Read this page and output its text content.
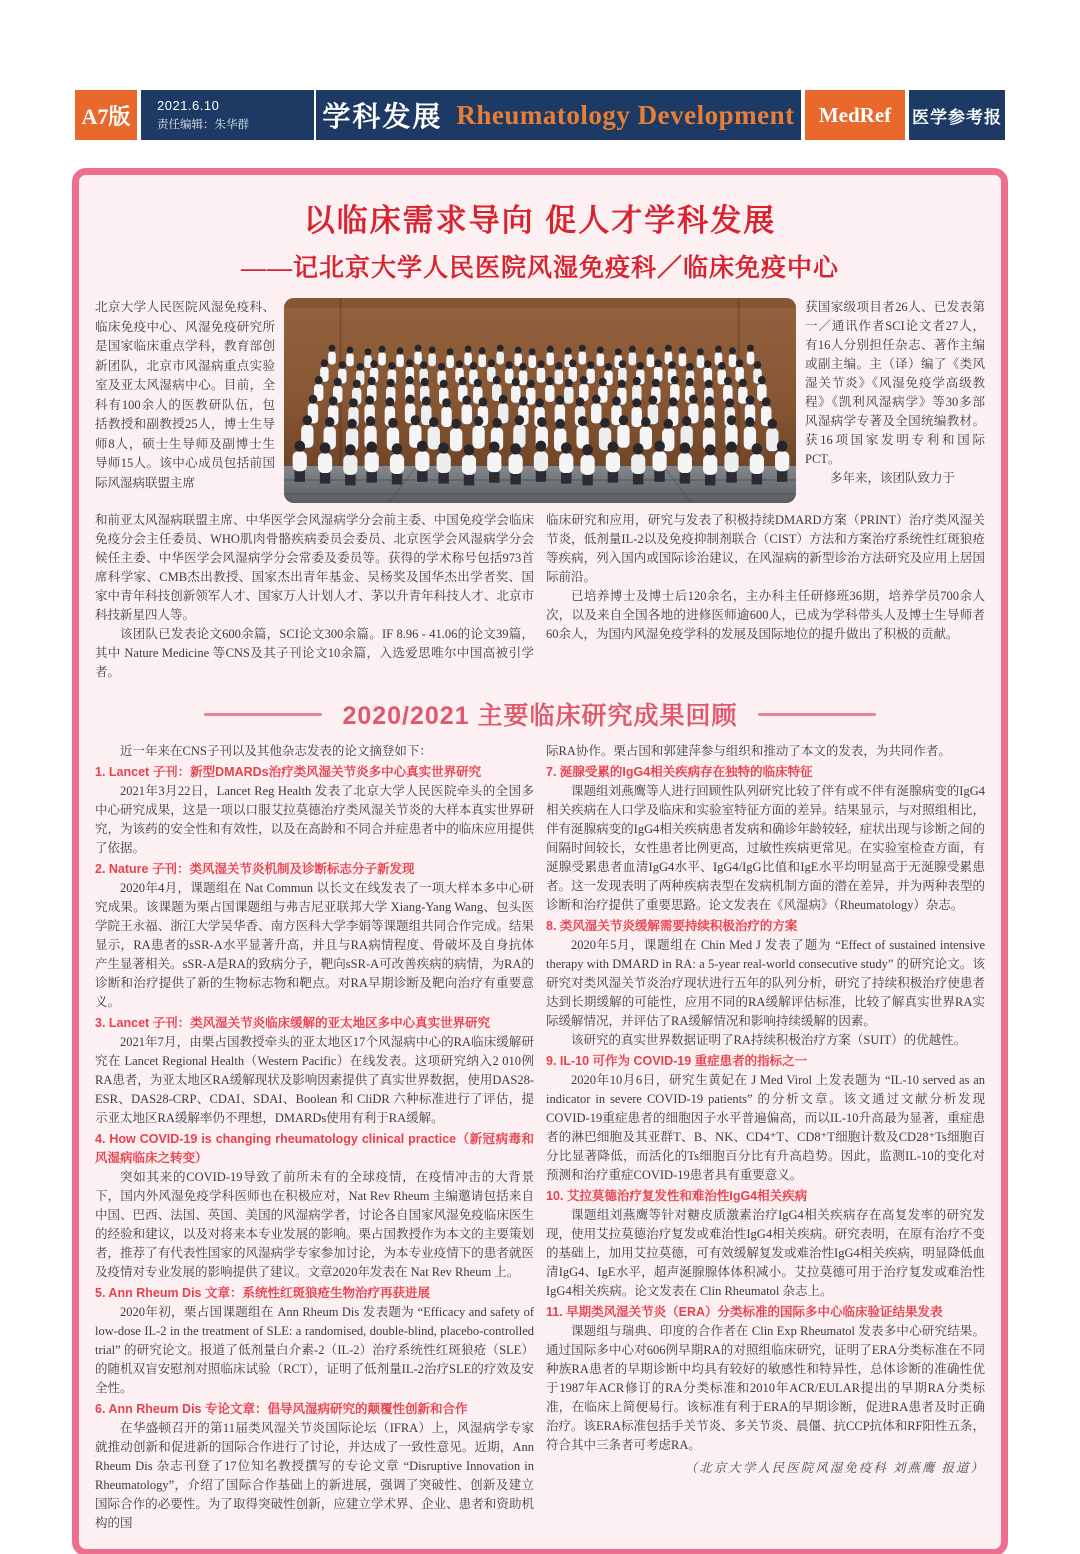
A7版	2021.6.10
责任编辑：朱华群	学科发展 Rheumatology Development	MedRef	医学参考报
以临床需求导向 促人才学科发展
——记北京大学人民医院风湿免疫科／临床免疫中心

北京大学人民医院风湿免疫科、临床免疫中心、风湿免疫研究所是国家临床重点学科，教育部创新团队，北京市风湿病重点实验室及亚太风湿病中心。目前，全科有100余人的医教研队伍，包括教授和副教授25人，博士生导师8人，硕士生导师及副博士生导师15人。该中心成员包括前国际风湿病联盟主席

获国家级项目者26人、已发表第一／通讯作者SCI论文者27人，有16人分别担任杂志、著作主编或副主编。主（译）编了《类风湿关节炎》《风湿免疫学高级教程》《凯利风湿病学》等30多部风湿病学专著及全国统编教材。获16项国家发明专利和国际PCT。

多年来，该团队致力于

和前亚太风湿病联盟主席、中华医学会风湿病学分会前主委、中国免疫学会临床免疫分会主任委员、WHO肌肉骨骼疾病委员会委员、北京医学会风湿病学分会候任主委、中华医学会风湿病学分会常委及委员等。获得的学术称号包括973首席科学家、CMB杰出教授、国家杰出青年基金、吴杨奖及国华杰出学者奖、国家中青年科技创新领军人才、国家万人计划人才、茅以升青年科技人才、北京市科技新星四人等。

该团队已发表论文600余篇，SCI论文300余篇。IF 8.96 - 41.06的论文39篇，其中 Nature Medicine 等CNS及其子刊论文10余篇，入选爱思唯尔中国高被引学者。

临床研究和应用，研究与发表了积极持续DMARD方案（PRINT）治疗类风湿关节炎，低剂量IL-2以及免疫抑制剂联合（CIST）方法和方案治疗系统性红斑狼疮等疾病，列入国内或国际诊治建议，在风湿病的新型诊治方法研究及应用上居国际前沿。

已培养博士及博士后120余名，主办科主任研修班36期，培养学员700余人次，以及来自全国各地的进修医师逾600人，已成为学科带头人及博士生导师者60余人，为国内风湿免疫学科的发展及国际地位的提升做出了积极的贡献。

2020/2021 主要临床研究成果回顾

近一年来在CNS子刊以及其他杂志发表的论文摘登如下：

1. Lancet 子刊：新型DMARDs治疗类风湿关节炎多中心真实世界研究

2021年3月22日，Lancet Reg Health 发表了北京大学人民医院牵头的全国多中心研究成果，这是一项以口服艾拉莫德治疗类风湿关节炎的大样本真实世界研究，为该药的安全性和有效性，以及在高龄和不同合并症患者中的临床应用提供了依据。

2. Nature 子刊：类风湿关节炎机制及诊断标志分子新发现

2020年4月，课题组在 Nat Commun 以长文在线发表了一项大样本多中心研究成果。该课题为栗占国课题组与弗吉尼亚联邦大学 Xiang-Yang Wang、包头医学院王永福、浙江大学吴华香、南方医科大学李娟等课题组共同合作完成。结果显示，RA患者的sSR-A水平显著升高，并且与RA病情程度、骨破坏及自身抗体产生显著相关。sSR-A是RA的致病分子，靶向sSR-A可改善疾病的病情，为RA的诊断和治疗提供了新的生物标志物和靶点。对RA早期诊断及靶向治疗有重要意义。

3. Lancet 子刊：类风湿关节炎临床缓解的亚太地区多中心真实世界研究

2021年7月，由栗占国教授牵头的亚太地区17个风湿病中心的RA临床缓解研究在 Lancet Regional Health（Western Pacific）在线发表。这项研究纳入2 010例RA患者，为亚太地区RA缓解现状及影响因素提供了真实世界数据，使用DAS28-ESR、DAS28-CRP、CDAI、SDAI、Boolean 和 CliDR 六种标准进行了评估，提示亚太地区RA缓解率仍不理想，DMARDs使用有利于RA缓解。

4. How COVID-19 is changing rheumatology clinical practice（新冠病毒和风湿病临床之转变）

突如其来的COVID-19导致了前所未有的全球疫情，在疫情冲击的大背景下，国内外风湿免疫学科医师也在积极应对，Nat Rev Rheum 主编邀请包括来自中国、巴西、法国、英国、美国的风湿病学者，讨论各自国家风湿免疫临床医生的经验和建议，以及对将来本专业发展的影响。栗占国教授作为本文的主要策划者，推荐了有代表性国家的风湿病学专家参加讨论，为本专业疫情下的患者就医及疫情对专业发展的影响提供了建议。文章2020年发表在 Nat Rev Rheum 上。

5. Ann Rheum Dis 文章：系统性红斑狼疮生物治疗再获进展

2020年初，栗占国课题组在 Ann Rheum Dis 发表题为 “Efficacy and safety of low-dose IL-2 in the treatment of SLE: a randomised, double-blind, placebo-controlled trial” 的研究论文。报道了低剂量白介素-2（IL-2）治疗系统性红斑狼疮（SLE）的随机双盲安慰剂对照临床试验（RCT），证明了低剂量IL-2治疗SLE的疗效及安全性。

6. Ann Rheum Dis 专论文章：倡导风湿病研究的颠覆性创新和合作

在华盛顿召开的第11届类风湿关节炎国际论坛（IFRA）上，风湿病学专家就推动创新和促进新的国际合作进行了讨论，并达成了一致性意见。近期，Ann Rheum Dis 杂志刊登了17位知名教授撰写的专论文章 “Disruptive Innovation in Rheumatology”，介绍了国际合作基础上的新进展，强调了突破性、创新及建立国际合作的必要性。为了取得突破性创新，应建立学术界、企业、患者和资助机构的国

际RA协作。栗占国和郭建萍参与组织和推动了本文的发表，为共同作者。

7. 涎腺受累的IgG4相关疾病存在独特的临床特征

课题组刘燕鹰等人进行回顾性队列研究比较了伴有或不伴有涎腺病变的IgG4相关疾病在人口学及临床和实验室特征方面的差异。结果显示，与对照组相比，伴有涎腺病变的IgG4相关疾病患者发病和确诊年龄较轻，症状出现与诊断之间的间隔时间较长，女性患者比例更高，过敏性疾病更常见。在实验室检查方面，有涎腺受累患者血清IgG4水平、IgG4/IgG比值和IgE水平均明显高于无涎腺受累患者。这一发现表明了两种疾病表型在发病机制方面的潜在差异，并为两种表型的诊断和治疗提供了重要思路。论文发表在《风湿病》（Rheumatology）杂志。

8. 类风湿关节炎缓解需要持续积极治疗的方案

2020年5月，课题组在 Chin Med J 发表了题为 “Effect of sustained intensive therapy with DMARD in RA: a 5-year real-world consecutive study” 的研究论文。该研究对类风湿关节炎治疗现状进行五年的队列分析，研究了持续积极治疗使患者达到长期缓解的可能性，应用不同的RA缓解评估标准，比较了解真实世界RA实际缓解情况，并评估了RA缓解情况和影响持续缓解的因素。

该研究的真实世界数据证明了RA持续积极治疗方案（SUIT）的优越性。

9. IL-10 可作为 COVID-19 重症患者的指标之一

2020年10月6日，研究生黄妃在 J Med Virol 上发表题为 “IL-10 served as an indicator in severe COVID-19 patients” 的分析文章。该文通过文献分析发现COVID-19重症患者的细胞因子水平普遍偏高，而以IL-10升高最为显著，重症患者的淋巴细胞及其亚群T、B、NK、CD4⁺T、CD8⁺T细胞计数及CD28⁺Ts细胞百分比显著降低，而活化的Ts细胞百分比有升高趋势。因此，监测IL-10的变化对预测和治疗重症COVID-19患者具有重要意义。

10. 艾拉莫德治疗复发性和难治性IgG4相关疾病

课题组刘燕鹰等针对糖皮质激素治疗IgG4相关疾病存在高复发率的研究发现，使用艾拉莫德治疗复发或难治性IgG4相关疾病。研究表明，在原有治疗不变的基础上，加用艾拉莫德，可有效缓解复发或难治性IgG4相关疾病，明显降低血清IgG4、IgE水平，超声涎腺腺体体积减小。艾拉莫德可用于治疗复发或难治性IgG4相关疾病。论文发表在 Clin Rheumatol 杂志上。

11. 早期类风湿关节炎（ERA）分类标准的国际多中心临床验证结果发表

课题组与瑞典、印度的合作者在 Clin Exp Rheumatol 发表多中心研究结果。通过国际多中心对606例早期RA的对照组临床研究，证明了ERA分类标准在不同种族RA患者的早期诊断中均具有较好的敏感性和特异性，总体诊断的准确性优于1987年ACR修订的RA分类标准和2010年ACR/EULAR提出的早期RA分类标准，在临床上简便易行。该标准有利于ERA的早期诊断，促进RA患者及时正确治疗。该ERA标准包括手关节炎、多关节炎、晨僵、抗CCP抗体和RF阳性五条，符合其中三条者可考虑RA。

（北京大学人民医院风湿免疫科 刘燕鹰 报道）
